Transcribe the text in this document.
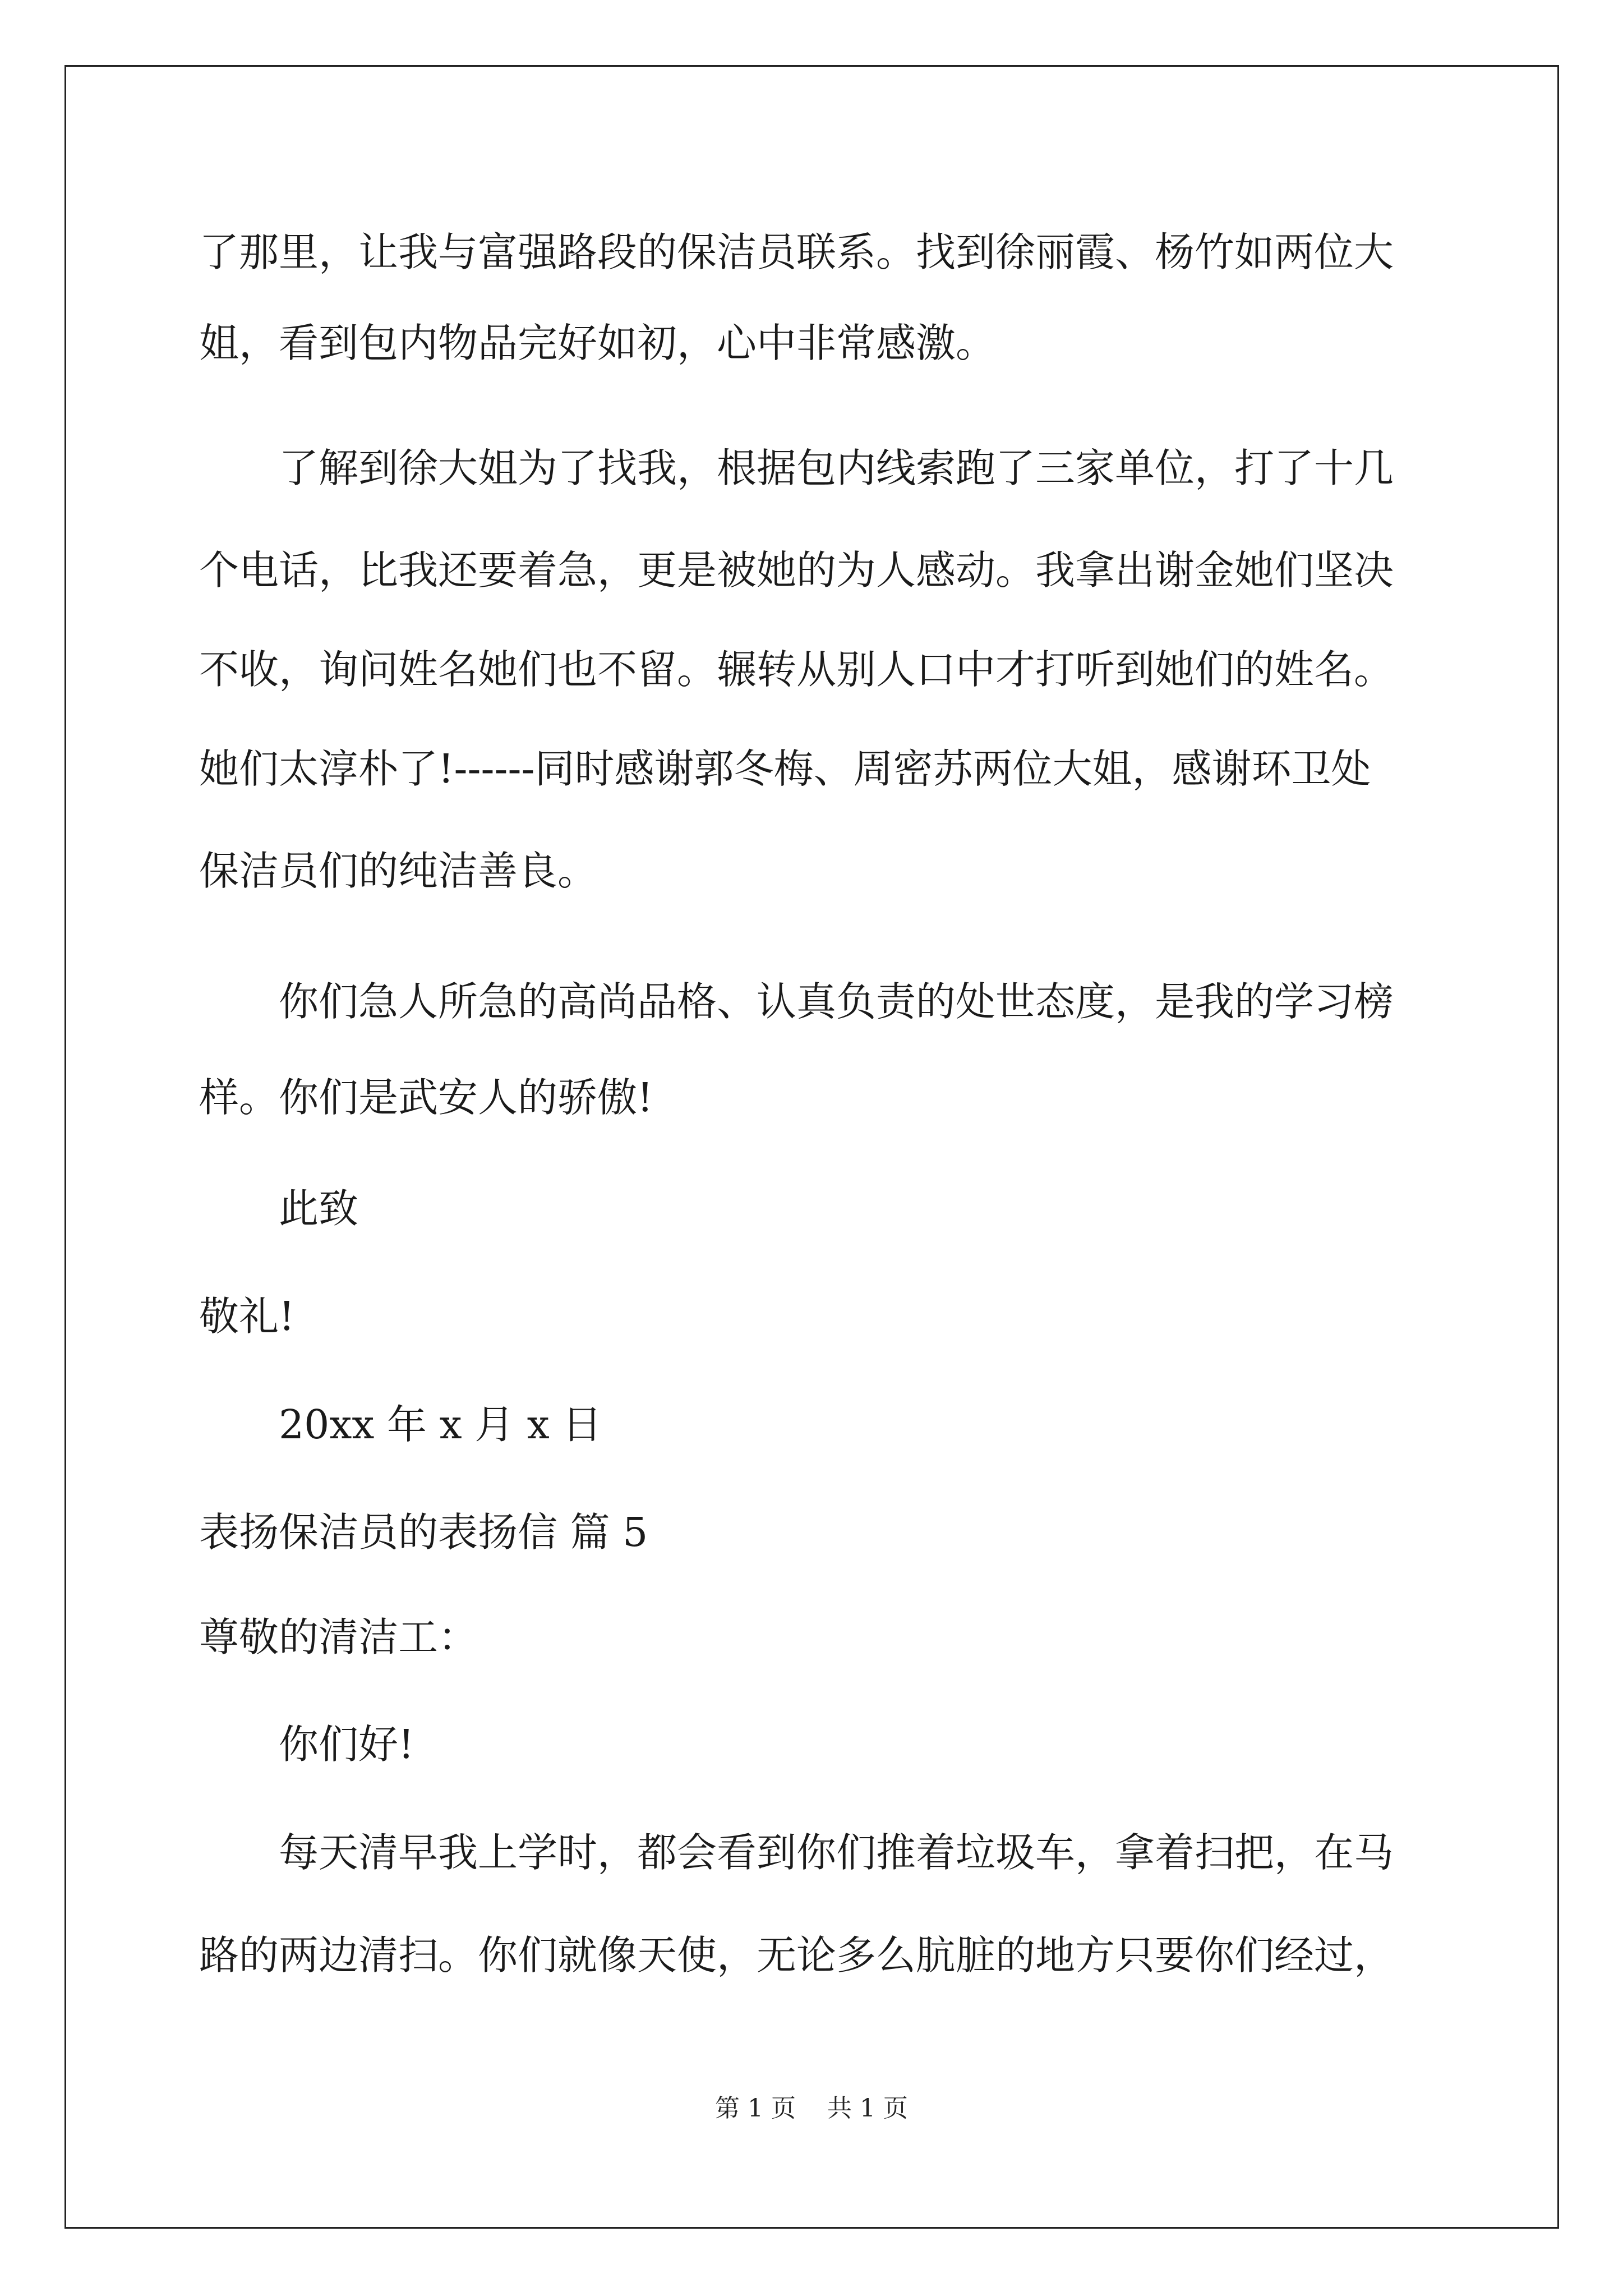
了那里，让我与富强路段的保洁员联系。找到徐丽霞、杨竹如两位大
姐，看到包内物品完好如初，心中非常感激。
了解到徐大姐为了找我，根据包内线索跑了三家单位，打了十几
个电话，比我还要着急，更是被她的为人感动。我拿出谢金她们坚决
不收，询问姓名她们也不留。辗转从别人口中才打听到她们的姓名。
她们太淳朴了!------同时感谢郭冬梅、周密苏两位大姐，感谢环卫处
保洁员们的纯洁善良。
你们急人所急的高尚品格、认真负责的处世态度，是我的学习榜
样。你们是武安人的骄傲!
此致
敬礼!
20xx 年 x 月 x 日
表扬保洁员的表扬信 篇 5
尊敬的清洁工：
你们好!
每天清早我上学时，都会看到你们推着垃圾车，拿着扫把，在马
路的两边清扫。你们就像天使，无论多么肮脏的地方只要你们经过，
第 1 页    共 1 页
